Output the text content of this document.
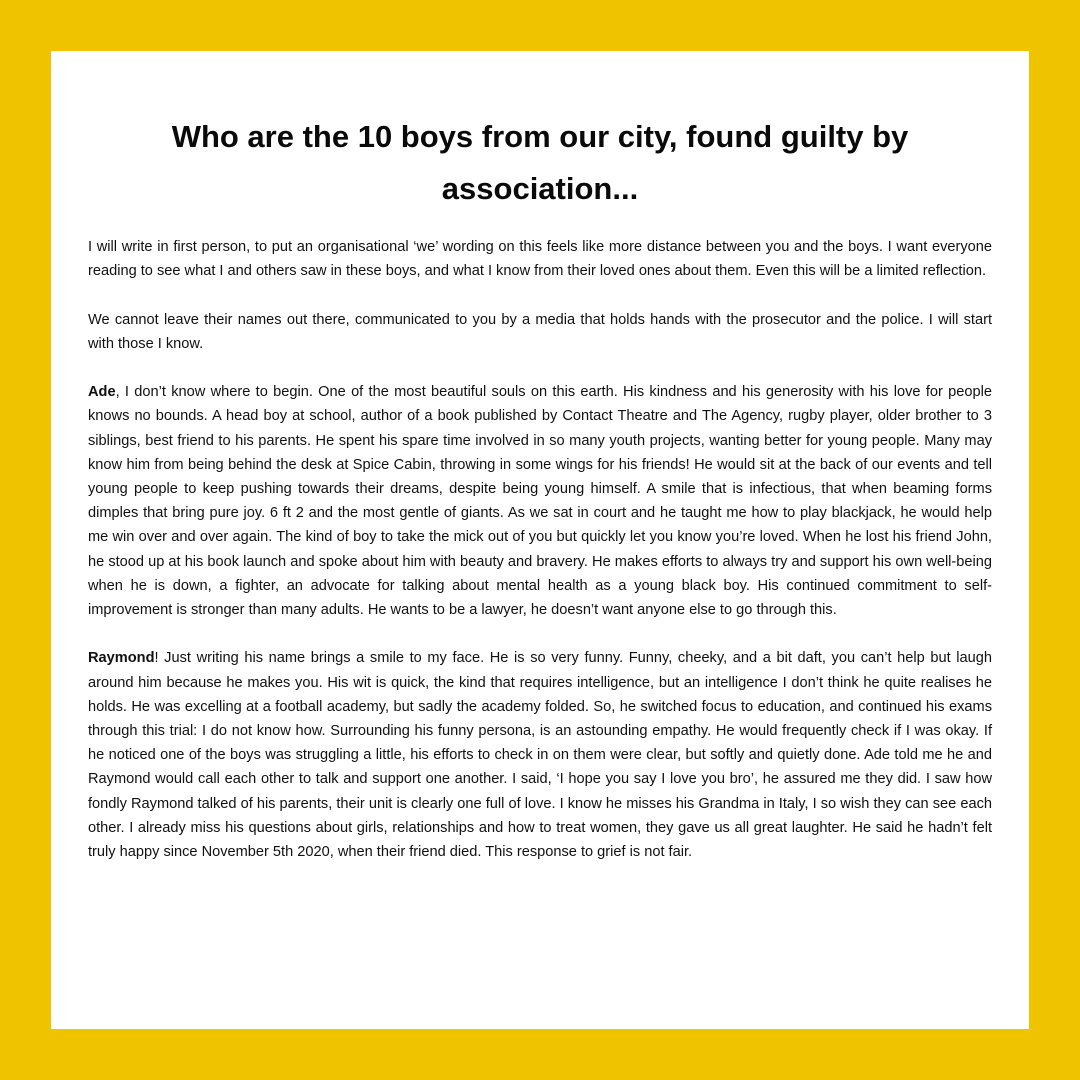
Who are the 10 boys from our city, found guilty by association...

I will write in first person, to put an organisational ‘we’ wording on this feels like more distance between you and the boys. I want everyone reading to see what I and others saw in these boys, and what I know from their loved ones about them. Even this will be a limited reflection.

We cannot leave their names out there, communicated to you by a media that holds hands with the prosecutor and the police. I will start with those I know.

Ade, I don’t know where to begin. One of the most beautiful souls on this earth. His kindness and his generosity with his love for people knows no bounds. A head boy at school, author of a book published by Contact Theatre and The Agency, rugby player, older brother to 3 siblings, best friend to his parents. He spent his spare time involved in so many youth projects, wanting better for young people. Many may know him from being behind the desk at Spice Cabin, throwing in some wings for his friends! He would sit at the back of our events and tell young people to keep pushing towards their dreams, despite being young himself. A smile that is infectious, that when beaming forms dimples that bring pure joy. 6 ft 2 and the most gentle of giants. As we sat in court and he taught me how to play blackjack, he would help me win over and over again. The kind of boy to take the mick out of you but quickly let you know you’re loved. When he lost his friend John, he stood up at his book launch and spoke about him with beauty and bravery. He makes efforts to always try and support his own well-being when he is down, a fighter, an advocate for talking about mental health as a young black boy. His continued commitment to self-improvement is stronger than many adults. He wants to be a lawyer, he doesn’t want anyone else to go through this.

Raymond! Just writing his name brings a smile to my face. He is so very funny. Funny, cheeky, and a bit daft, you can’t help but laugh around him because he makes you. His wit is quick, the kind that requires intelligence, but an intelligence I don’t think he quite realises he holds. He was excelling at a football academy, but sadly the academy folded. So, he switched focus to education, and continued his exams through this trial: I do not know how. Surrounding his funny persona, is an astounding empathy. He would frequently check if I was okay. If he noticed one of the boys was struggling a little, his efforts to check in on them were clear, but softly and quietly done. Ade told me he and Raymond would call each other to talk and support one another. I said, ‘I hope you say I love you bro’, he assured me they did. I saw how fondly Raymond talked of his parents, their unit is clearly one full of love. I know he misses his Grandma in Italy, I so wish they can see each other. I already miss his questions about girls, relationships and how to treat women, they gave us all great laughter. He said he hadn’t felt truly happy since November 5th 2020, when their friend died. This response to grief is not fair.
